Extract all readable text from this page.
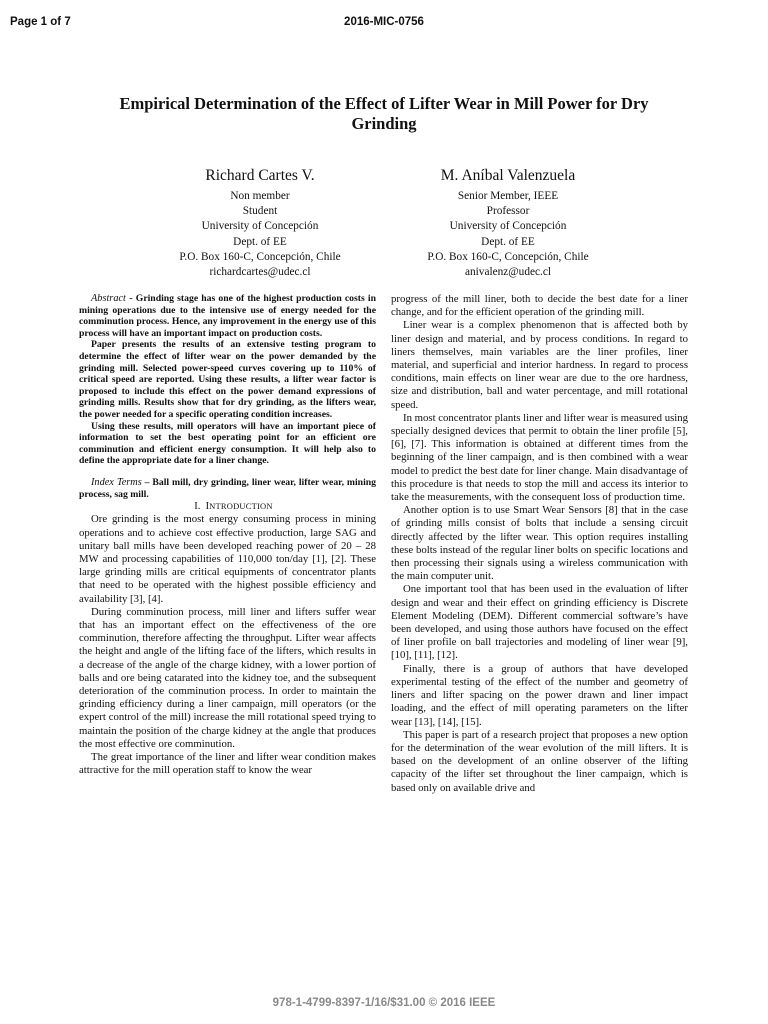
Page 1 of 7	2016-MIC-0756
Empirical Determination of the Effect of Lifter Wear in Mill Power for Dry Grinding
Richard Cartes V.
Non member
Student
University of Concepción
Dept. of EE
P.O. Box 160-C, Concepción, Chile
richardcartes@udec.cl
M. Aníbal Valenzuela
Senior Member, IEEE
Professor
University of Concepción
Dept. of EE
P.O. Box 160-C, Concepción, Chile
anivalenz@udec.cl

Abstract - Grinding stage has one of the highest production costs in mining operations due to the intensive use of energy needed for the comminution process. Hence, any improvement in the energy use of this process will have an important impact on production costs.

Paper presents the results of an extensive testing program to determine the effect of lifter wear on the power demanded by the grinding mill. Selected power-speed curves covering up to 110% of critical speed are reported. Using these results, a lifter wear factor is proposed to include this effect on the power demand expressions of grinding mills. Results show that for dry grinding, as the lifters wear, the power needed for a specific operating condition increases.

Using these results, mill operators will have an important piece of information to set the best operating point for an efficient ore comminution and efficient energy consumption. It will help also to define the appropriate date for a liner change.

Index Terms – Ball mill, dry grinding, liner wear, lifter wear, mining process, sag mill.

I. INTRODUCTION

Ore grinding is the most energy consuming process in mining operations and to achieve cost effective production, large SAG and unitary ball mills have been developed reaching power of 20 – 28 MW and processing capabilities of 110,000 ton/day [1], [2]. These large grinding mills are critical equipments of concentrator plants that need to be operated with the highest possible efficiency and availability [3], [4].

During comminution process, mill liner and lifters suffer wear that has an important effect on the effectiveness of the ore comminution, therefore affecting the throughput. Lifter wear affects the height and angle of the lifting face of the lifters, which results in a decrease of the angle of the charge kidney, with a lower portion of balls and ore being catarated into the kidney toe, and the subsequent deterioration of the comminution process. In order to maintain the grinding efficiency during a liner campaign, mill operators (or the expert control of the mill) increase the mill rotational speed trying to maintain the position of the charge kidney at the angle that produces the most effective ore comminution.

The great importance of the liner and lifter wear condition makes attractive for the mill operation staff to know the wear

progress of the mill liner, both to decide the best date for a liner change, and for the efficient operation of the grinding mill.

Liner wear is a complex phenomenon that is affected both by liner design and material, and by process conditions. In regard to liners themselves, main variables are the liner profiles, liner material, and superficial and interior hardness. In regard to process conditions, main effects on liner wear are due to the ore hardness, size and distribution, ball and water percentage, and mill rotational speed.

In most concentrator plants liner and lifter wear is measured using specially designed devices that permit to obtain the liner profile [5], [6], [7]. This information is obtained at different times from the beginning of the liner campaign, and is then combined with a wear model to predict the best date for liner change. Main disadvantage of this procedure is that needs to stop the mill and access its interior to take the measurements, with the consequent loss of production time.

Another option is to use Smart Wear Sensors [8] that in the case of grinding mills consist of bolts that include a sensing circuit directly affected by the lifter wear. This option requires installing these bolts instead of the regular liner bolts on specific locations and then processing their signals using a wireless communication with the main computer unit.

One important tool that has been used in the evaluation of lifter design and wear and their effect on grinding efficiency is Discrete Element Modeling (DEM). Different commercial software’s have been developed, and using those authors have focused on the effect of liner profile on ball trajectories and modeling of liner wear [9], [10], [11], [12].

Finally, there is a group of authors that have developed experimental testing of the effect of the number and geometry of liners and lifter spacing on the power drawn and liner impact loading, and the effect of mill operating parameters on the lifter wear [13], [14], [15].

This paper is part of a research project that proposes a new option for the determination of the wear evolution of the mill lifters. It is based on the development of an online observer of the lifting capacity of the lifter set throughout the liner campaign, which is based only on available drive and

978-1-4799-8397-1/16/$31.00 © 2016 IEEE
